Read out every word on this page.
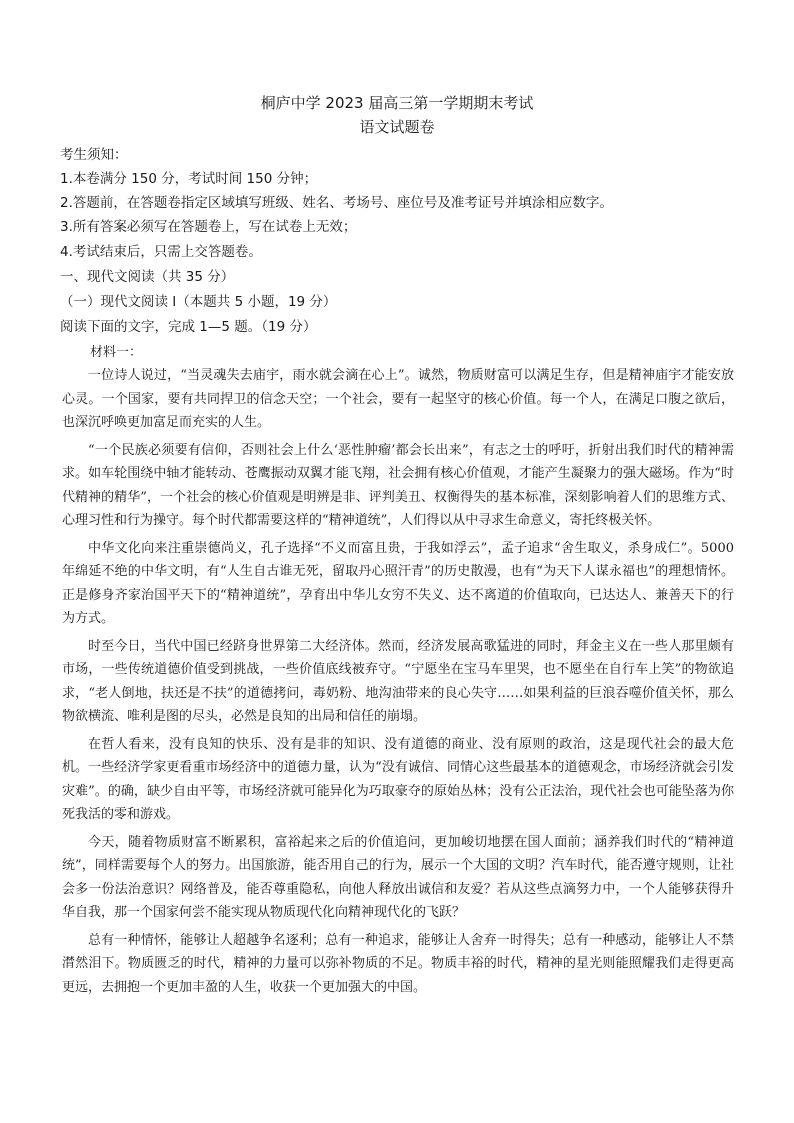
桐庐中学 2023 届高三第一学期期末考试
语文试题卷
考生须知：
1.本卷满分 150 分，考试时间 150 分钟；
2.答题前，在答题卷指定区域填写班级、姓名、考场号、座位号及准考证号并填涂相应数字。
3.所有答案必须写在答题卷上，写在试卷上无效；
4.考试结束后，只需上交答题卷。
一、现代文阅读（共 35 分）
（一）现代文阅读 I（本题共 5 小题，19 分）
阅读下面的文字，完成 1—5 题。（19 分）
材料一：

一位诗人说过，“当灵魂失去庙宇，雨水就会滴在心上”。诚然，物质财富可以满足生存，但是精神庙宇才能安放心灵。一个国家，要有共同捍卫的信念天空；一个社会，要有一起坚守的核心价值。每一个人，在满足口腹之欲后，也深沉呼唤更加富足而充实的人生。

“一个民族必须要有信仰，否则社会上什么‘恶性肿瘤’都会长出来”，有志之士的呼吁，折射出我们时代的精神需求。如车轮围绕中轴才能转动、苍鹰振动双翼才能飞翔，社会拥有核心价值观，才能产生凝聚力的强大磁场。作为“时代精神的精华”，一个社会的核心价值观是明辨是非、评判美丑、权衡得失的基本标准，深刻影响着人们的思维方式、心理习性和行为操守。每个时代都需要这样的“精神道统”，人们得以从中寻求生命意义，寄托终极关怀。

中华文化向来注重崇德尚义，孔子选择“不义而富且贵，于我如浮云”，孟子追求“舍生取义，杀身成仁”。5000 年绵延不绝的中华文明，有“人生自古谁无死，留取丹心照汗青”的历史散漫，也有“为天下人谋永福也”的理想情怀。正是修身齐家治国平天下的“精神道统”，孕育出中华儿女穷不失义、达不离道的价值取向，已达达人、兼善天下的行为方式。

时至今日，当代中国已经跻身世界第二大经济体。然而，经济发展高歌猛进的同时，拜金主义在一些人那里颇有市场，一些传统道德价值受到挑战，一些价值底线被弃守。“宁愿坐在宝马车里哭，也不愿坐在自行车上笑”的物欲追求，“老人倒地，扶还是不扶”的道德拷问，毒奶粉、地沟油带来的良心失守……如果利益的巨浪吞噬价值关怀，那么物欲横流、唯利是图的尽头，必然是良知的出局和信任的崩塌。

在哲人看来，没有良知的快乐、没有是非的知识、没有道德的商业、没有原则的政治，这是现代社会的最大危机。一些经济学家更看重市场经济中的道德力量，认为“没有诚信、同情心这些最基本的道德观念，市场经济就会引发灾难”。的确，缺少自由平等，市场经济就可能异化为巧取豪夺的原始丛林；没有公正法治，现代社会也可能坠落为你死我活的零和游戏。

今天，随着物质财富不断累积，富裕起来之后的价值追问，更加峻切地摆在国人面前；涵养我们时代的“精神道统”，同样需要每个人的努力。出国旅游，能否用自己的行为，展示一个大国的文明？汽车时代，能否遵守规则，让社会多一份法治意识？网络普及，能否尊重隐私，向他人释放出诚信和友爱？若从这些点滴努力中，一个人能够获得升华自我，那一个国家何尝不能实现从物质现代化向精神现代化的飞跃？

总有一种情怀，能够让人超越争名逐利；总有一种追求，能够让人舍弃一时得失；总有一种感动，能够让人不禁潸然泪下。物质匮乏的时代，精神的力量可以弥补物质的不足。物质丰裕的时代，精神的星光则能照耀我们走得更高更远，去拥抱一个更加丰盈的人生，收获一个更加强大的中国。
